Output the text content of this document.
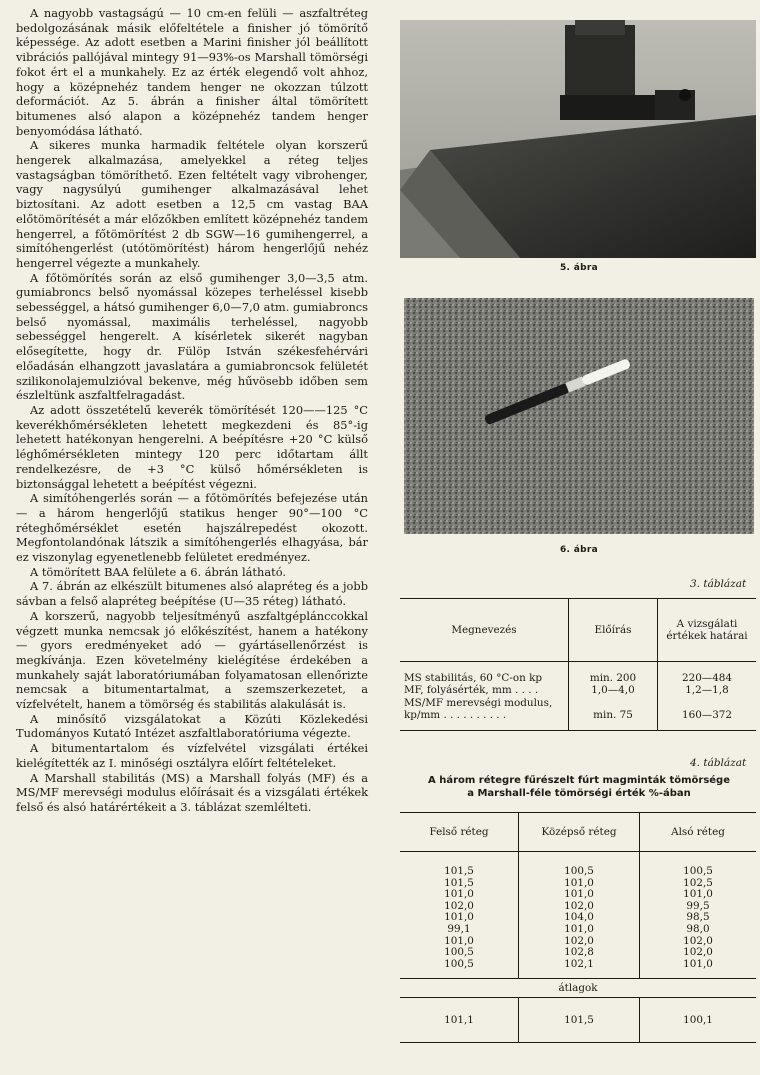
A nagyobb vastagságú — 10 cm-en felüli — aszfaltréteg bedolgozásának másik előfeltétele a finisher jó tömörítő képessége. Az adott esetben a Marini finisher jól beállított vibrációs pallójával mintegy 91—93%-os Marshall tömörségi fokot ért el a munkahely. Ez az érték elegendő volt ahhoz, hogy a középnehéz tandem henger ne okozzan túlzott deformációt. Az 5. ábrán a finisher által tömörített bitumenes alsó alapon a középnehéz tandem henger benyomódása látható.

A sikeres munka harmadik feltétele olyan korszerű hengerek alkalmazása, amelyekkel a réteg teljes vastagságban tömöríthető. Ezen feltételt vagy vibrohenger, vagy nagysúlyú gumihenger alkalmazásával lehet biztosítani. Az adott esetben a 12,5 cm vastag BAA előtömörítését a már előzőkben említett középnehéz tandem hengerrel, a főtömörítést 2 db SGW—16 gumihengerrel, a simítóhengerlést (utótömörítést) három hengerlőjű nehéz hengerrel végezte a munkahely.

A főtömörítés során az első gumihenger 3,0—3,5 atm. gumiabroncs belső nyomással közepes terheléssel kisebb sebességgel, a hátsó gumihenger 6,0—7,0 atm. gumiabroncs belső nyomással, maximális terheléssel, nagyobb sebességgel hengerelt. A kísérletek sikerét nagyban elősegítette, hogy dr. Fülöp István székesfehérvári előadásán elhangzott javaslatára a gumiabroncsok felületét szilikonolajemulzióval bekenve, még hűvösebb időben sem észleltünk aszfaltfelragadást.

Az adott összetételű keverék tömörítését 120——125 °C keverékhőmérsékleten lehetett megkezdeni és 85°-ig lehetett hatékonyan hengerelni. A beépítésre +20 °C külső léghőmérsékleten mintegy 120 perc időtartam állt rendelkezésre, de +3 °C külső hőmérsékleten is biztonsággal lehetett a beépítést végezni.

A simítóhengerlés során — a főtömörítés befejezése után — a három hengerlőjű statikus henger 90°—100 °C réteghőmérséklet esetén hajszálrepedést okozott. Megfontolandónak látszik a simítóhengerlés elhagyása, bár ez viszonylag egyenetlenebb felületet eredményez.

A tömörített BAA felülete a 6. ábrán látható.

A 7. ábrán az elkészült bitumenes alsó alapréteg és a jobb sávban a felső alapréteg beépítése (U—35 réteg) látható.

A korszerű, nagyobb teljesítményű aszfaltgéplánccokkal végzett munka nemcsak jó előkészítést, hanem a hatékony — gyors eredményeket adó — gyártásellenőrzést is megkívánja. Ezen követelmény kielégítése érdekében a munkahely saját laboratóriumában folyamatosan ellenőrizte nemcsak a bitumentartalmat, a szemszerkezetet, a vízfelvételt, hanem a tömörség és stabilitás alakulását is.

A minősítő vizsgálatokat a Közúti Közlekedési Tudományos Kutató Intézet aszfaltlaboratóriuma végezte.

A bitumentartalom és vízfelvétel vizsgálati értékei kielégítették az I. minőségi osztályra előírt feltételeket.

A Marshall stabilitás (MS) a Marshall folyás (MF) és a MS/MF merevségi modulus előírásait és a vizsgálati értékek felső és alsó határértékeit a 3. táblázat szemlélteti.

5. ábra
6. ábra
3. táblázat
Megnevezés	Előírás	A vizsgálati értékek határai
MS stabilitás, 60 °C-on kp	min. 200	220—484
MF, folyásérték, mm . . . .	1,0—4,0	1,2—1,8
MS/MF merevségi modulus, kp/mm . . . . . . . . . .	min. 75	160—372
4. táblázat
A három rétegre fűrészelt fúrt magminták tömörsége
a Marshall-féle tömörségi érték %-ában
Felső réteg	Középső réteg	Alsó réteg
101,5	100,5	100,5
101,5	101,0	102,5
101,0	101,0	101,0
102,0	102,0	99,5
101,0	104,0	98,5
99,1	101,0	98,0
101,0	102,0	102,0
100,5	102,8	102,0
100,5	102,1	101,0
átlagok		
101,1	101,5	100,1
